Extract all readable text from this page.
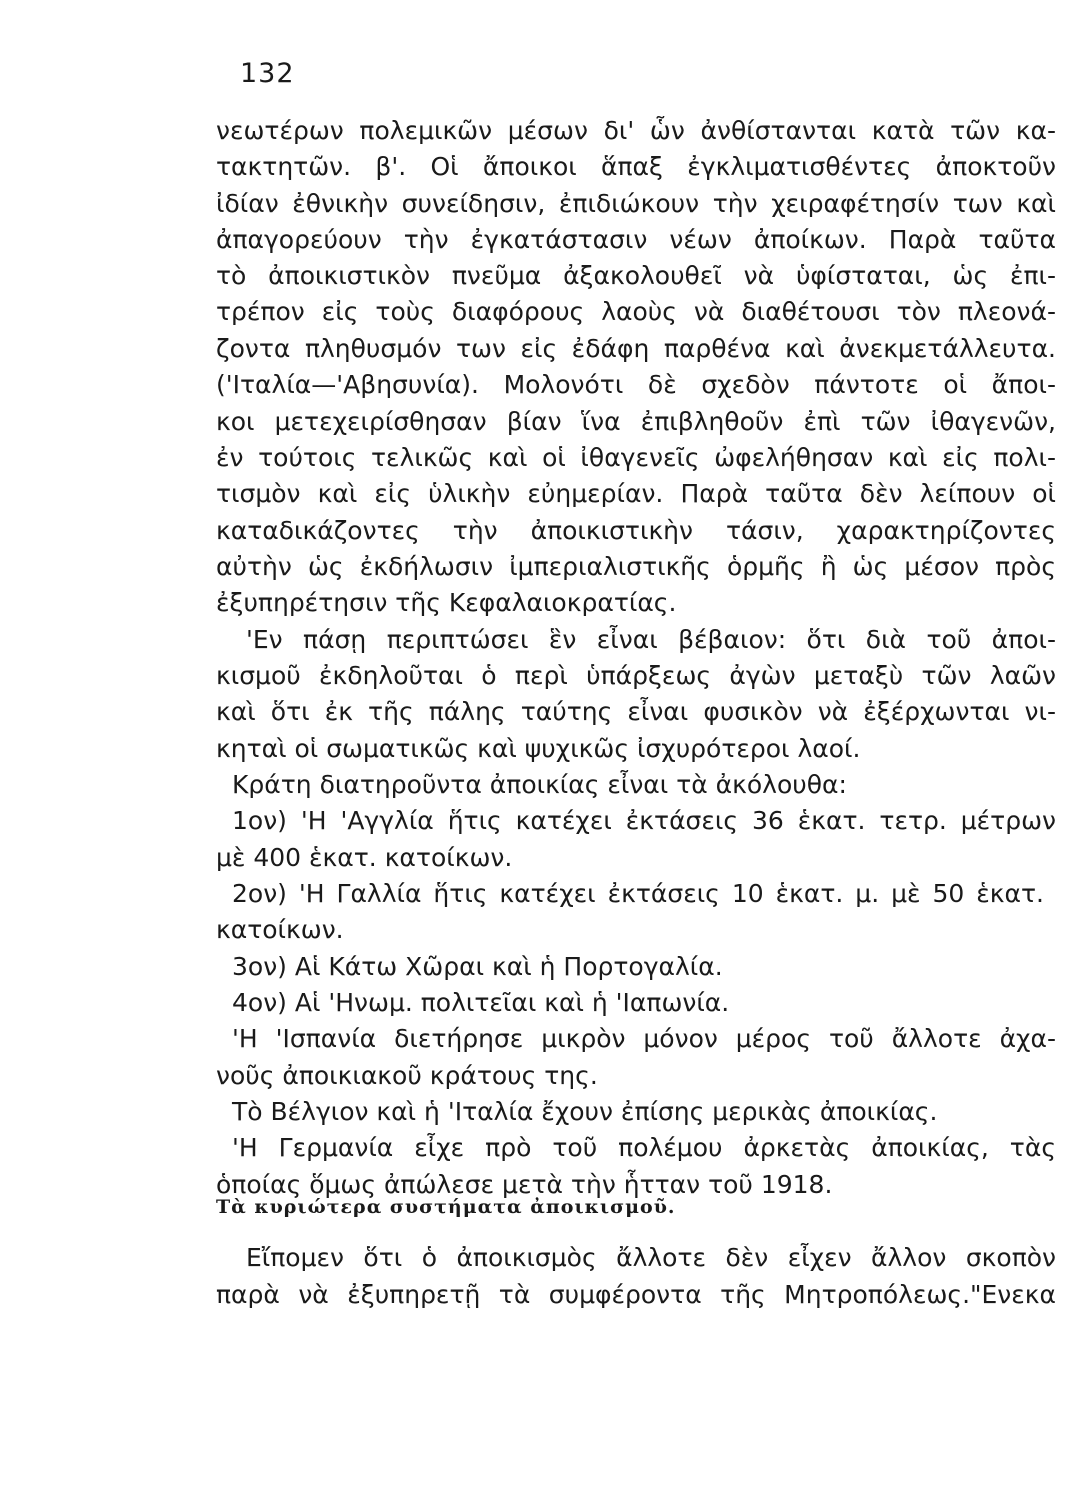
132
νεωτέρων πολεμικῶν μέσων δι' ὧν ἀνθίστανται κατὰ τῶν κα-
τακτητῶν. β'. Οἱ ἄποικοι ἅπαξ ἐγκλιματισθέντες ἀποκτοῦν
ἰδίαν ἐθνικὴν συνείδησιν, ἐπιδιώκουν τὴν χειραφέτησίν των καὶ
ἀπαγορεύουν τὴν ἐγκατάστασιν νέων ἀποίκων. Παρὰ ταῦτα
τὸ ἀποικιστικὸν πνεῦμα ἀξακολουθεῖ νὰ ὑφίσταται, ὡς ἐπι-
τρέπον εἰς τοὺς διαφόρους λαοὺς νὰ διαθέτουσι τὸν πλεονά-
ζοντα πληθυσμόν των εἰς ἐδάφη παρθένα καὶ ἀνεκμετάλλευτα.
('Ιταλία—'Αβησυνία). Μολονότι δὲ σχεδὸν πάντοτε οἱ ἄποι-
κοι μετεχειρίσθησαν βίαν ἵνα ἐπιβληθοῦν ἐπὶ τῶν ἰθαγενῶν,
ἐν τούτοις τελικῶς καὶ οἱ ἰθαγενεῖς ὠφελήθησαν καὶ εἰς πολι-
τισμὸν καὶ εἰς ὑλικὴν εὐημερίαν. Παρὰ ταῦτα δὲν λείπουν οἱ
καταδικάζοντες τὴν ἀποικιστικὴν τάσιν, χαρακτηρίζοντες
αὐτὴν ὡς ἐκδήλωσιν ἰμπεριαλιστικῆς ὁρμῆς ἢ ὡς μέσον πρὸς
ἐξυπηρέτησιν τῆς Κεφαλαιοκρατίας.
'Εν πάσῃ περιπτώσει ἓν εἶναι βέβαιον: ὅτι διὰ τοῦ ἀποι-
κισμοῦ ἐκδηλοῦται ὁ περὶ ὑπάρξεως ἀγὼν μεταξὺ τῶν λαῶν
καὶ ὅτι ἐκ τῆς πάλης ταύτης εἶναι φυσικὸν νὰ ἐξέρχωνται νι-
κηταὶ οἱ σωματικῶς καὶ ψυχικῶς ἰσχυρότεροι λαοί.
Κράτη διατηροῦντα ἀποικίας εἶναι τὰ ἀκόλουθα:
1ον) 'Η 'Αγγλία ἥτις κατέχει ἐκτάσεις 36 ἑκατ. τετρ. μέτρων
μὲ 400 ἑκατ. κατοίκων.
2ον) 'Η Γαλλία ἥτις κατέχει ἐκτάσεις 10 ἑκατ. μ. μὲ 50 ἑκατ.
κατοίκων.
3ον) Αἱ Κάτω Χῶραι καὶ ἡ Πορτογαλία.
4ον) Αἱ 'Ηνωμ. πολιτεῖαι καὶ ἡ 'Ιαπωνία.
'Η 'Ισπανία διετήρησε μικρὸν μόνον μέρος τοῦ ἄλλοτε ἀχα-
νοῦς ἀποικιακοῦ κράτους της.
Τὸ Βέλγιον καὶ ἡ 'Ιταλία ἔχουν ἐπίσης μερικὰς ἀποικίας.
'Η Γερμανία εἶχε πρὸ τοῦ πολέμου ἀρκετὰς ἀποικίας, τὰς
ὁποίας ὅμως ἀπώλεσε μετὰ τὴν ἧτταν τοῦ 1918.
Τὰ κυριώτερα συστήματα ἀποικισμοῦ.
Εἴπομεν ὅτι ὁ ἀποικισμὸς ἄλλοτε δὲν εἶχεν ἄλλον σκοπὸν
παρὰ νὰ ἐξυπηρετῇ τὰ συμφέροντα τῆς Μητροπόλεως."Ενεκα
